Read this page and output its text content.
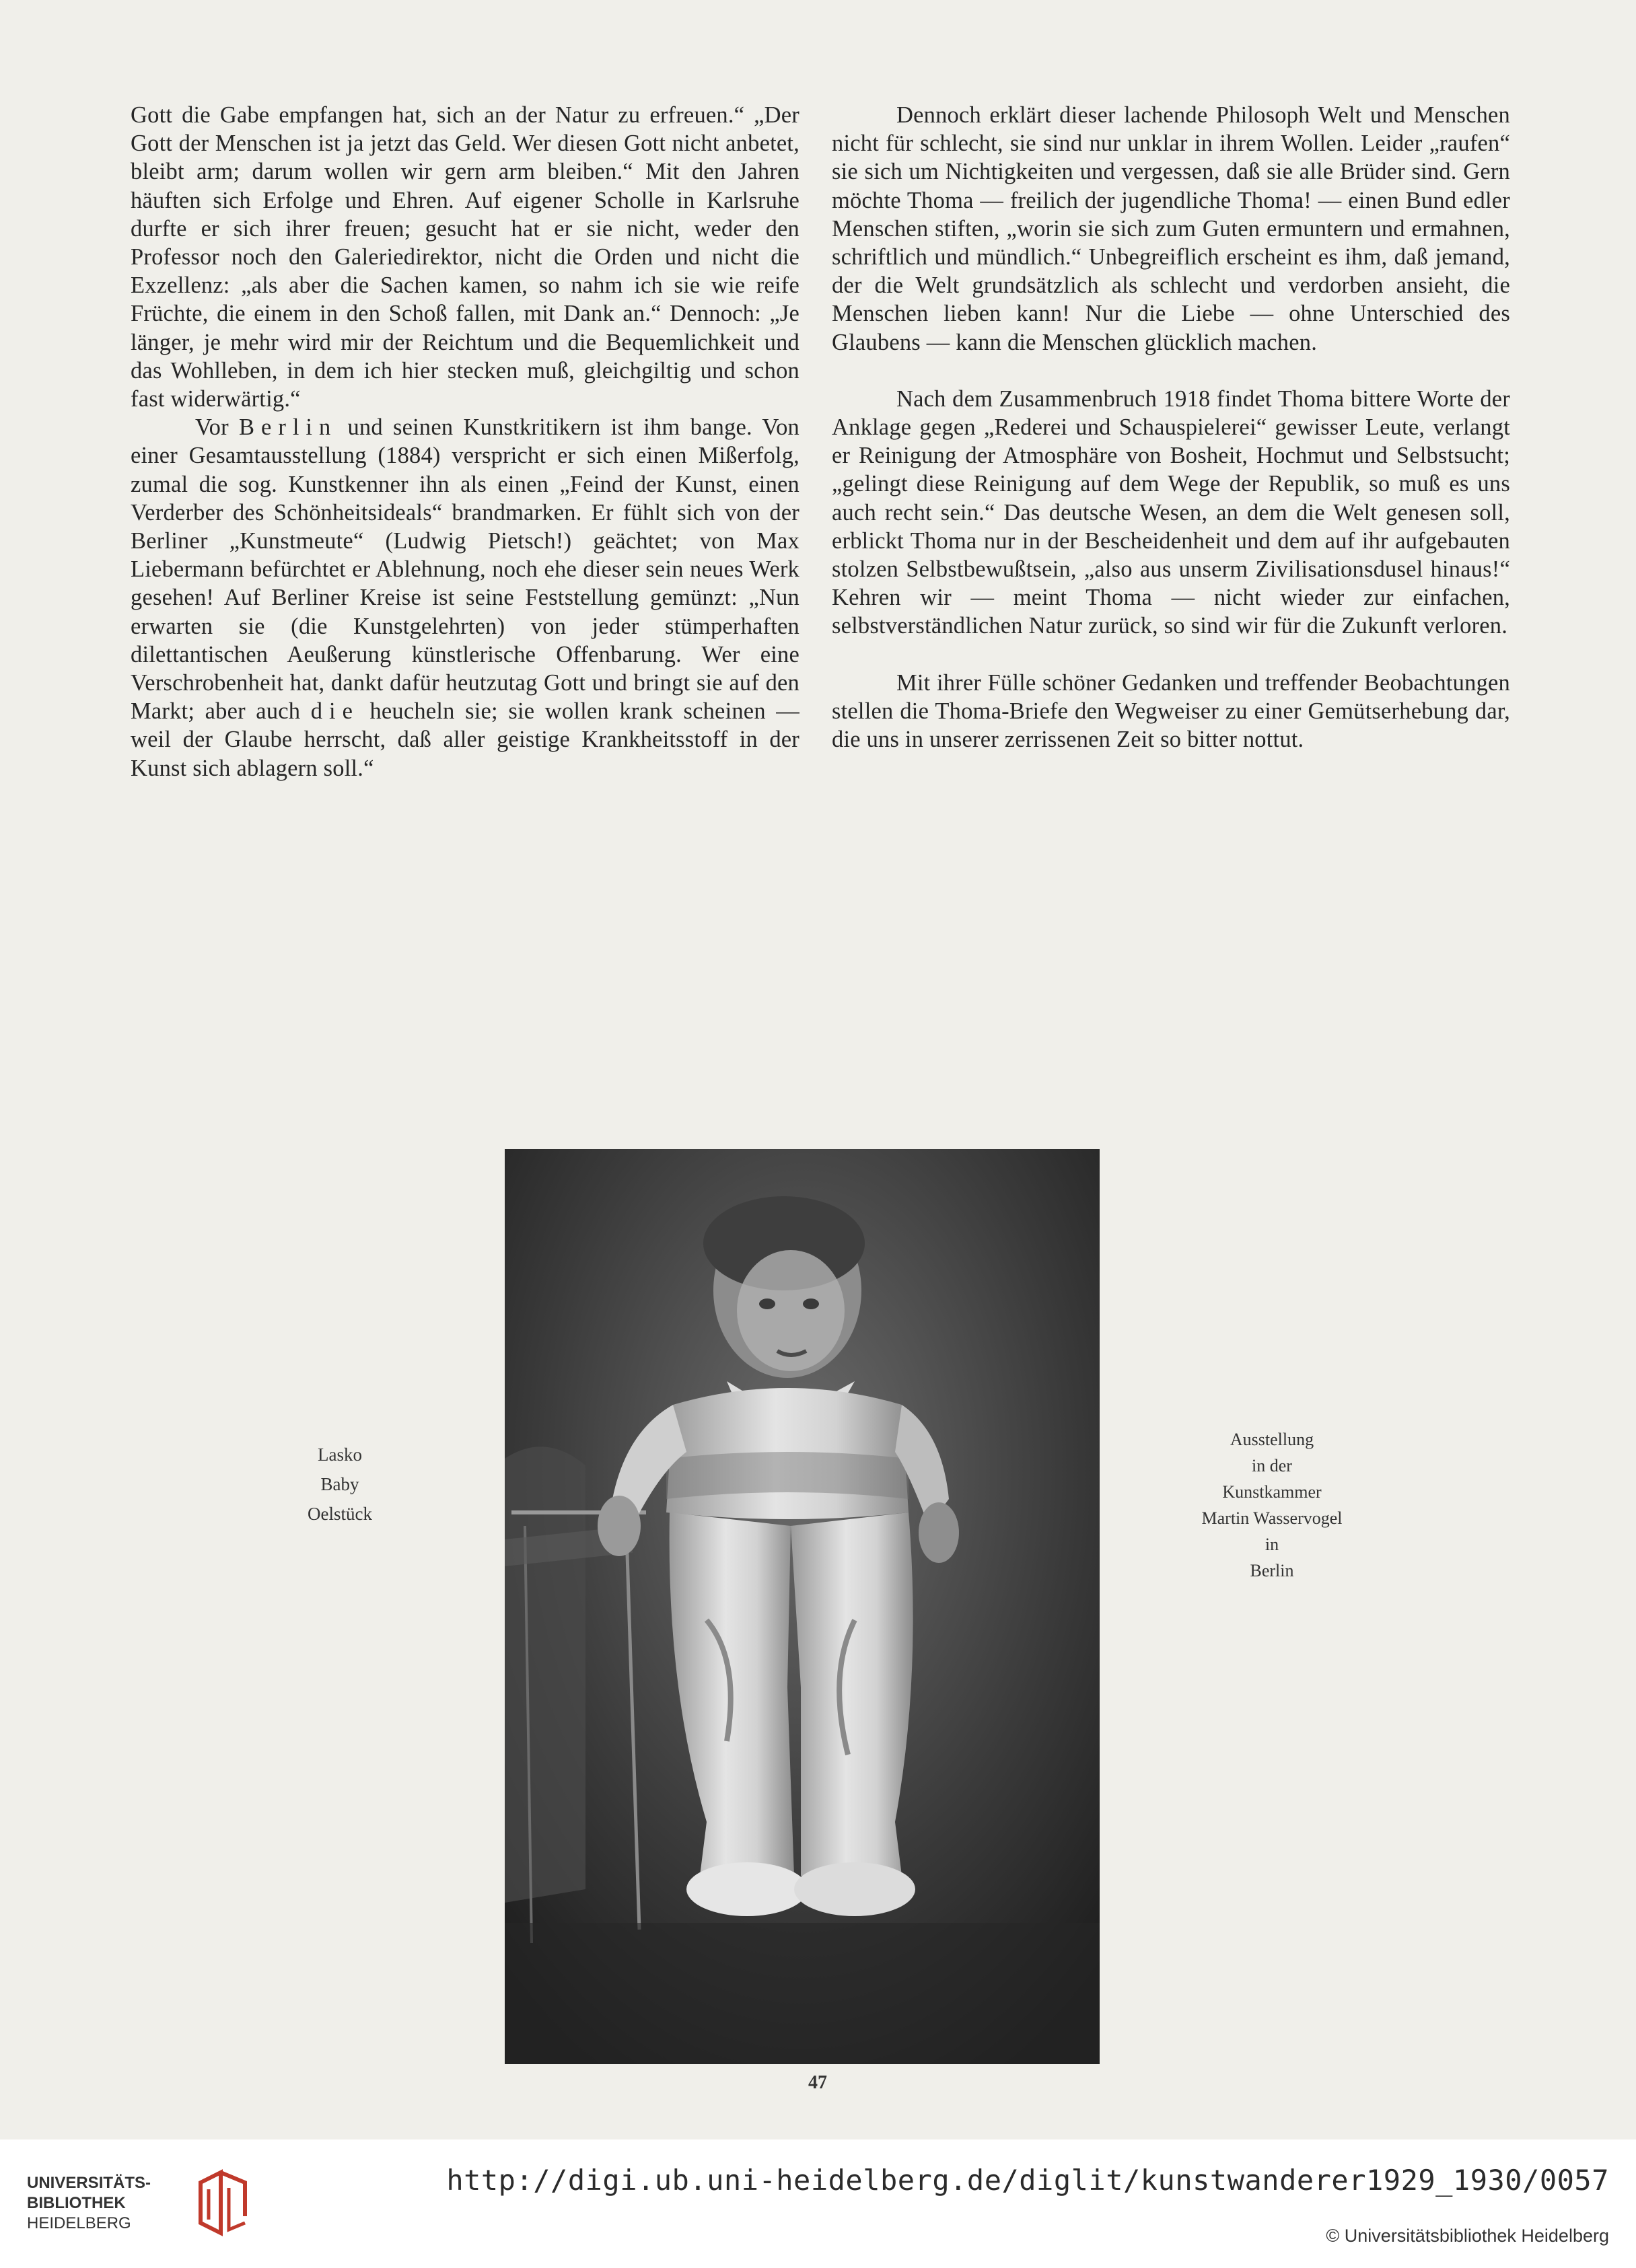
Gott die Gabe empfangen hat, sich an der Natur zu erfreuen.“ „Der Gott der Menschen ist ja jetzt das Geld. Wer diesen Gott nicht anbetet, bleibt arm; darum wollen wir gern arm bleiben.“ Mit den Jahren häuften sich Erfolge und Ehren. Auf eigener Scholle in Karlsruhe durfte er sich ihrer freuen; gesucht hat er sie nicht, weder den Professor noch den Galeriedirektor, nicht die Orden und nicht die Exzellenz: „als aber die Sachen kamen, so nahm ich sie wie reife Früchte, die einem in den Schoß fallen, mit Dank an.“ Dennoch: „Je länger, je mehr wird mir der Reichtum und die Bequemlichkeit und das Wohlleben, in dem ich hier stecken muß, gleichgiltig und schon fast widerwärtig.“

Vor Berlin und seinen Kunstkritikern ist ihm bange. Von einer Gesamtausstellung (1884) verspricht er sich einen Mißerfolg, zumal die sog. Kunstkenner ihn als einen „Feind der Kunst, einen Verderber des Schönheitsideals“ brandmarken. Er fühlt sich von der Berliner „Kunstmeute“ (Ludwig Pietsch!) geächtet; von Max Liebermann befürchtet er Ablehnung, noch ehe dieser sein neues Werk gesehen! Auf Berliner Kreise ist seine Feststellung gemünzt: „Nun erwarten sie (die Kunstgelehrten) von jeder stümperhaften dilettantischen Aeußerung künstlerische Offenbarung. Wer eine Verschrobenheit hat, dankt dafür heutzutag Gott und bringt sie auf den Markt; aber auch die heucheln sie; sie wollen krank scheinen — weil der Glaube herrscht, daß aller geistige Krankheitsstoff in der Kunst sich ablagern soll.“

Dennoch erklärt dieser lachende Philosoph Welt und Menschen nicht für schlecht, sie sind nur unklar in ihrem Wollen. Leider „raufen“ sie sich um Nichtigkeiten und vergessen, daß sie alle Brüder sind. Gern möchte Thoma — freilich der jugendliche Thoma! — einen Bund edler Menschen stiften, „worin sie sich zum Guten ermuntern und ermahnen, schriftlich und mündlich.“ Unbegreiflich erscheint es ihm, daß jemand, der die Welt grundsätzlich als schlecht und verdorben ansieht, die Menschen lieben kann! Nur die Liebe — ohne Unterschied des Glaubens — kann die Menschen glücklich machen.

Nach dem Zusammenbruch 1918 findet Thoma bittere Worte der Anklage gegen „Rederei und Schauspielerei“ gewisser Leute, verlangt er Reinigung der Atmosphäre von Bosheit, Hochmut und Selbstsucht; „gelingt diese Reinigung auf dem Wege der Republik, so muß es uns auch recht sein.“ Das deutsche Wesen, an dem die Welt genesen soll, erblickt Thoma nur in der Bescheidenheit und dem auf ihr aufgebauten stolzen Selbstbewußtsein, „also aus unserm Zivilisationsdusel hinaus!“ Kehren wir — meint Thoma — nicht wieder zur einfachen, selbstverständlichen Natur zurück, so sind wir für die Zukunft verloren.

Mit ihrer Fülle schöner Gedanken und treffender Beobachtungen stellen die Thoma-Briefe den Wegweiser zu einer Gemütserhebung dar, die uns in unserer zerrissenen Zeit so bitter nottut.

Lasko
Baby
Oelstück
Ausstellung
in der
Kunstkammer
Martin Wasservogel
in
Berlin
47
UNIVERSITÄTS-
BIBLIOTHEK
HEIDELBERG
http://digi.ub.uni-heidelberg.de/diglit/kunstwanderer1929_1930/0057
© Universitätsbibliothek Heidelberg
